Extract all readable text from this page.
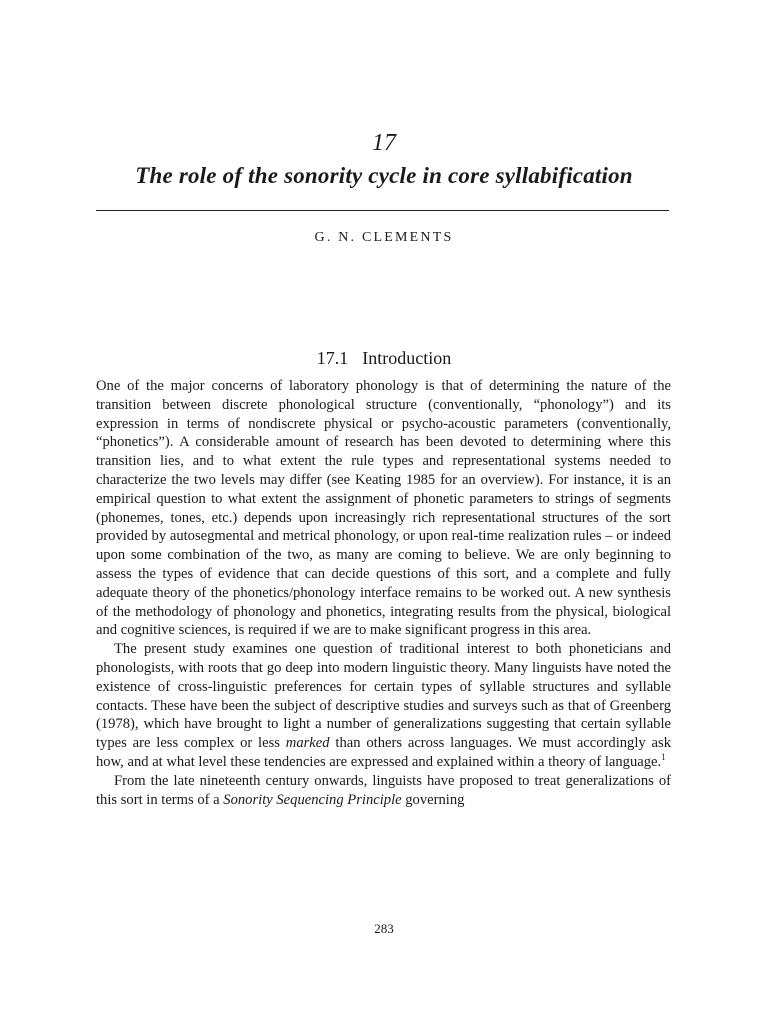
17
The role of the sonority cycle in core syllabification
G. N. CLEMENTS
17.1 Introduction

One of the major concerns of laboratory phonology is that of determining the nature of the transition between discrete phonological structure (conventionally, “phonology”) and its expression in terms of nondiscrete physical or psycho‑acoustic parameters (conventionally, “phonetics”). A considerable amount of research has been devoted to determining where this transition lies, and to what extent the rule types and representational systems needed to characterize the two levels may differ (see Keating 1985 for an overview). For instance, it is an empirical question to what extent the assignment of phonetic parameters to strings of segments (phonemes, tones, etc.) depends upon increasingly rich representational structures of the sort provided by autosegmental and metrical phonology, or upon real-time realization rules – or indeed upon some combination of the two, as many are coming to believe. We are only beginning to assess the types of evidence that can decide questions of this sort, and a complete and fully adequate theory of the phonetics/phonology interface remains to be worked out. A new synthesis of the methodology of phonology and phonetics, integrating results from the physical, biological and cognitive sciences, is required if we are to make significant progress in this area.

The present study examines one question of traditional interest to both phoneticians and phonologists, with roots that go deep into modern linguistic theory. Many linguists have noted the existence of cross-linguistic preferences for certain types of syllable structures and syllable contacts. These have been the subject of descriptive studies and surveys such as that of Greenberg (1978), which have brought to light a number of generalizations suggesting that certain syllable types are less complex or less marked than others across languages. We must accordingly ask how, and at what level these tendencies are expressed and explained within a theory of language.$^1$

From the late nineteenth century onwards, linguists have proposed to treat generalizations of this sort in terms of a Sonority Sequencing Principle governing

283
